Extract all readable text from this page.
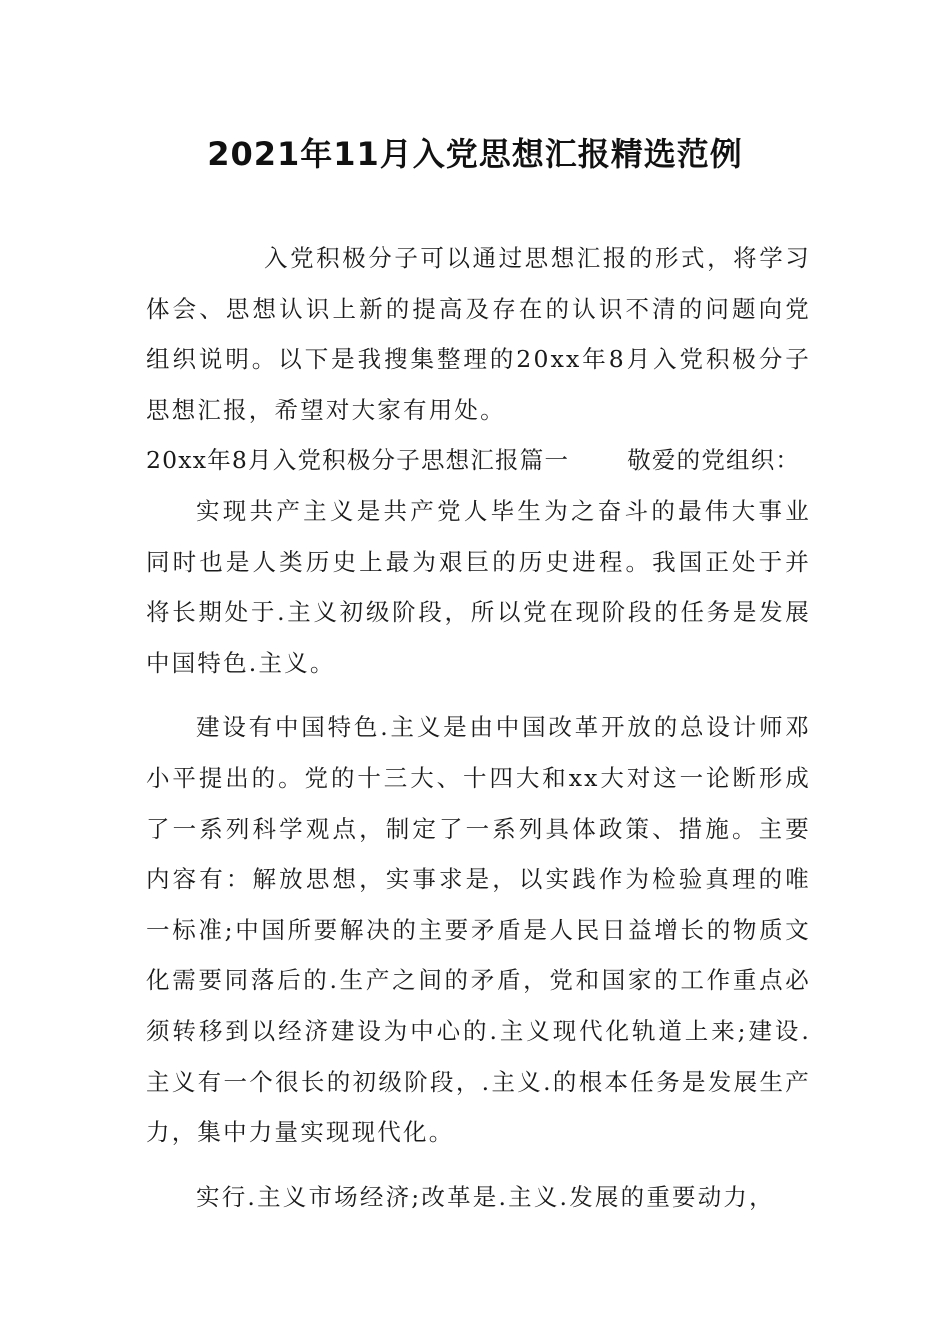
2021年11月入党思想汇报精选范例

入党积极分子可以通过思想汇报的形式，将学习体会、思想认识上新的提高及存在的认识不清的问题向党组织说明。以下是我搜集整理的20xx年8月入党积极分子思想汇报，希望对大家有用处。

20xx年8月入党积极分子思想汇报篇一　　 敬爱的党组织：

实现共产主义是共产党人毕生为之奋斗的最伟大事业同时也是人类历史上最为艰巨的历史进程。我国正处于并将长期处于.主义初级阶段，所以党在现阶段的任务是发展中国特色.主义。

建设有中国特色.主义是由中国改革开放的总设计师邓小平提出的。党的十三大、十四大和xx大对这一论断形成了一系列科学观点，制定了一系列具体政策、措施。主要内容有：解放思想，实事求是，以实践作为检验真理的唯一标准;中国所要解决的主要矛盾是人民日益增长的物质文化需要同落后的.生产之间的矛盾，党和国家的工作重点必须转移到以经济建设为中心的.主义现代化轨道上来;建设.主义有一个很长的初级阶段，.主义.的根本任务是发展生产力，集中力量实现现代化。

实行.主义市场经济;改革是.主义.发展的重要动力，
